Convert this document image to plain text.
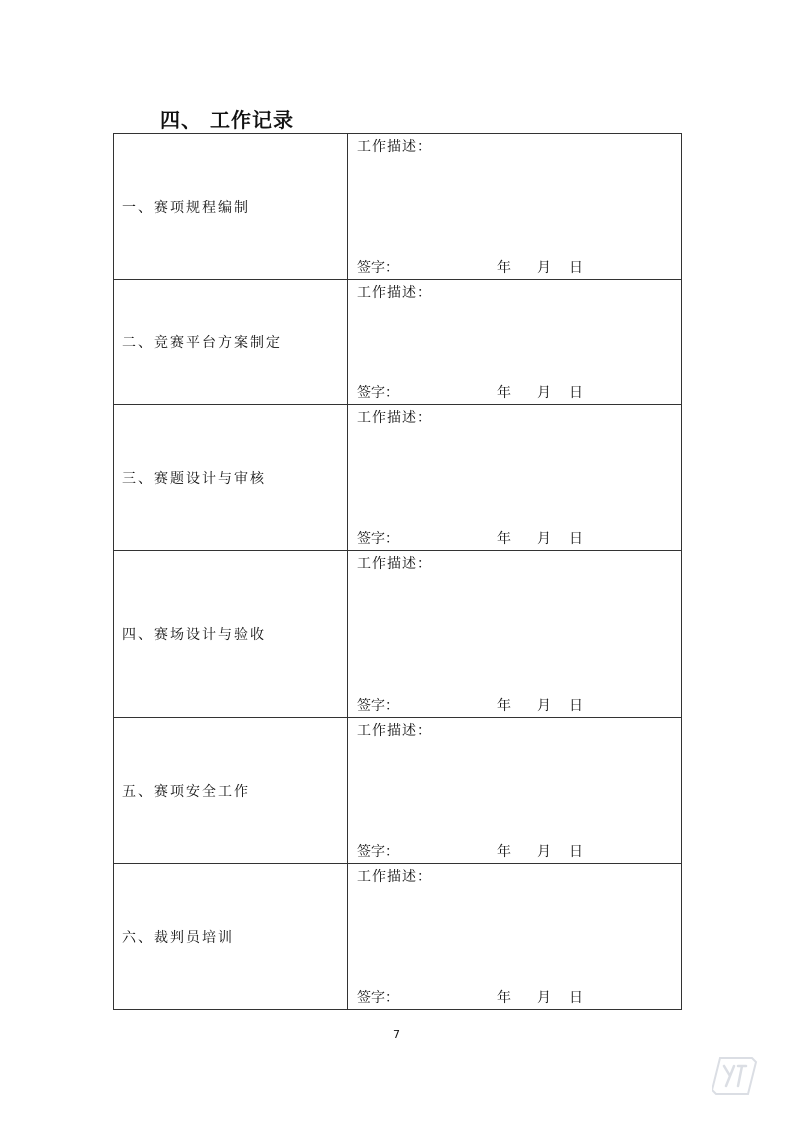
四、 工作记录
一、赛项规程编制	工作描述：
签字： 年 月 日

二、竞赛平台方案制定	工作描述：
签字： 年 月 日

三、赛题设计与审核	工作描述：
签字： 年 月 日

四、赛场设计与验收	工作描述：
签字： 年 月 日

五、赛项安全工作	工作描述：
签字： 年 月 日

六、裁判员培训	工作描述：
签字： 年 月 日
7
